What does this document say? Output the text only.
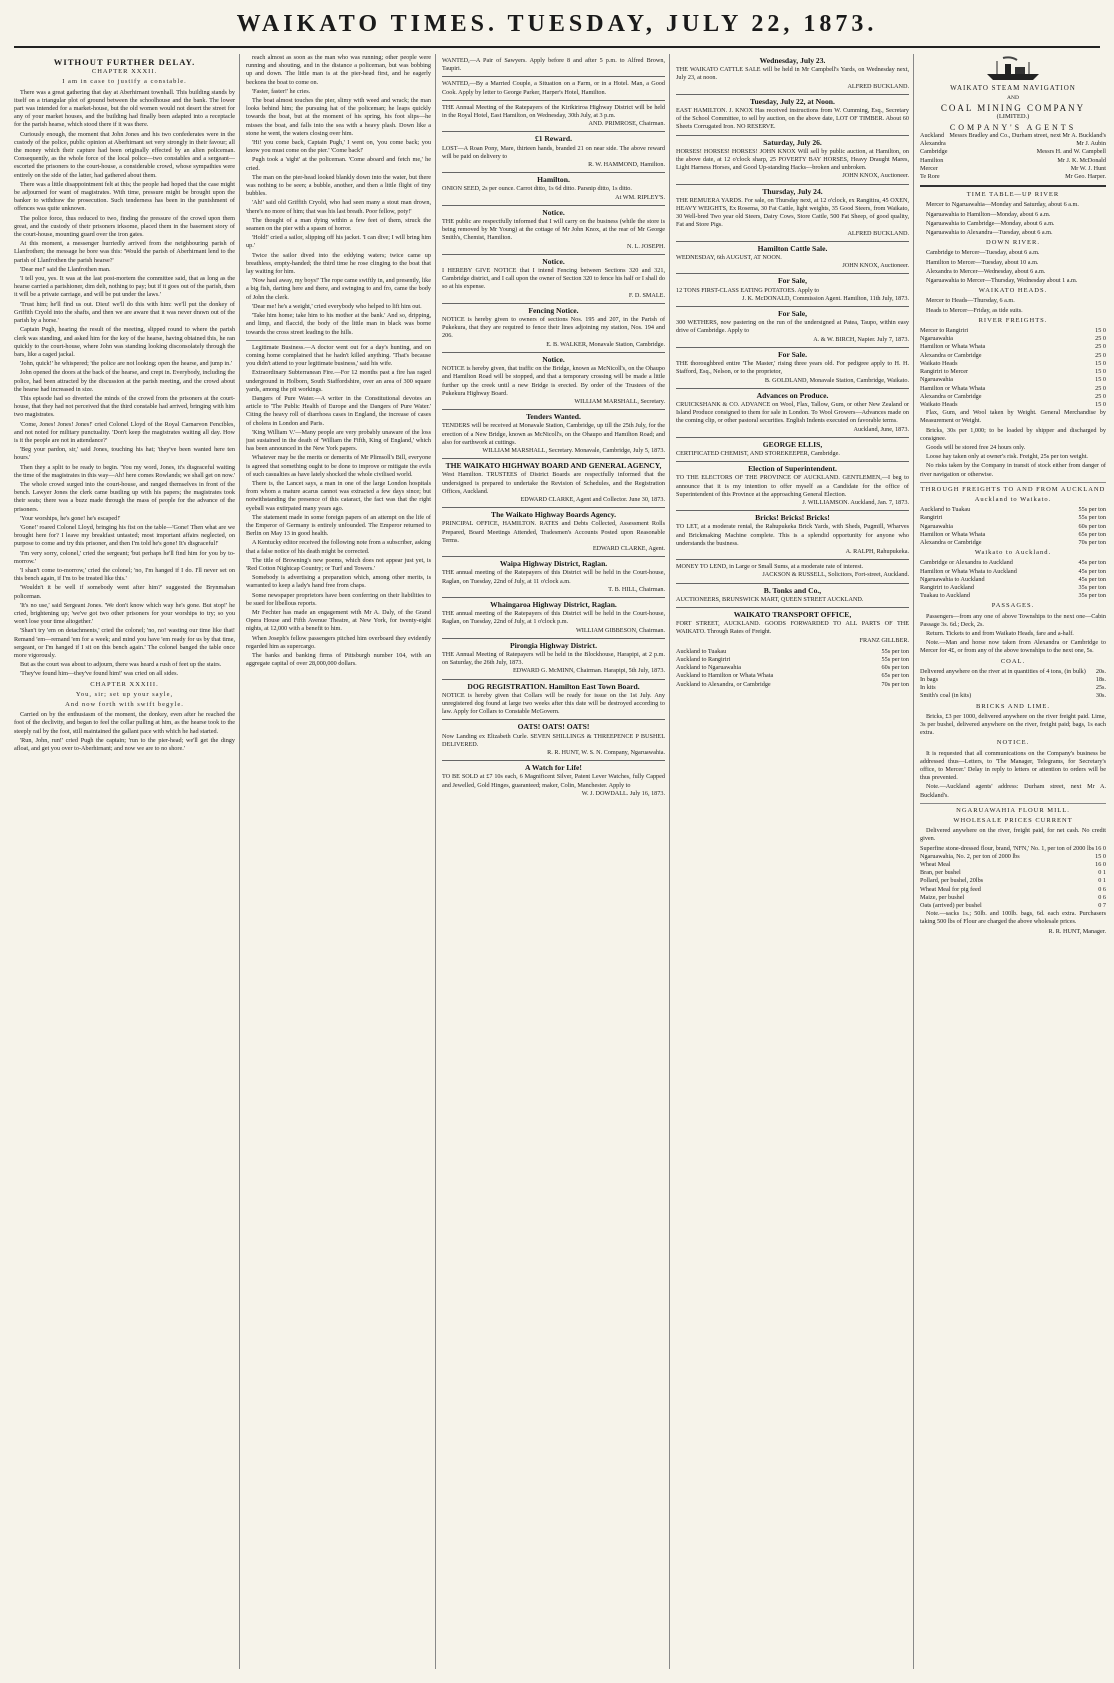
WAIKATO TIMES. TUESDAY, JULY 22, 1873.
WITHOUT FURTHER DELAY.
CHAPTER XXXII.
I am in case to justify a constable.
There was a great gathering that day at Aberhirnant townhall. This building stands by itself on a triangular plot of ground between the schoolhouse and the bank. The lower part was intended for a market-house, but the old women would not desert the street for any of your market houses, and the building had finally been adapted into a receptacle for the parish hearse, which stood there if it was there.
Curiously enough, the moment that John Jones and his two confederates were in the custody of the police, public opinion at Aberhirnant set very strongly in their favour; all the money which their capture had been originally effected by an alien policeman. Consequently, as the whole force of the local police—two constables and a sergeant—escorted the prisoners to the court-house, a considerable crowd, whose sympathies were entirely on the side of the latter, had gathered about them.
There was a little disappointment felt at this; the people had hoped that the case might be adjourned for want of magistrates. With time, pressure might be brought upon the banker to withdraw the prosecution. Such tenderness has been in the punishment of offences was quite unknown.
The police force, thus reduced to two, finding the pressure of the crowd upon them great, and the custody of their prisoners irksome, placed them in the basement story of the court-house, mounting guard over the iron gates.
At this moment, a messenger hurriedly arrived from the neighbouring parish of Llanfrothen; the message he bore was this: 'Would the parish of Aberhirnant lend to the parish of Llanfrothen the parish hearse?'
'Dear me!' said the Llanfrothen man.
'I tell you, yes. It was at the last post-mortem the committee said, that as long as the hearse carried a parishioner, dim delt, nothing to pay; but if it goes out of the parish, then it will be a private carriage, and will be put under the laws.'
'Trust him; he'll find us out. Dieu! we'll do this with him: we'll put the donkey of Griffith Cryold into the shafts, and then we are aware that it was never drawn out of the parish by a horse.'
Captain Pugh, hearing the result of the meeting, slipped round to where the parish clerk was standing, and asked him for the key of the hearse, having obtained this, he ran quickly to the court-house, where John was standing looking disconsolately through the bars, like a caged jackal.
'John, quick!' he whispered; 'the police are not looking; open the hearse, and jump in.'
John opened the doors at the back of the hearse, and crept in. Everybody, including the police, had been attracted by the discussion at the parish meeting, and the crowd about the hearse had increased in size.
This episode had so diverted the minds of the crowd from the prisoners at the court-house, that they had not perceived that the third constable had arrived, bringing with him two magistrates.
'Come, Jones! Jones! Jones!' cried Colonel Lloyd of the Royal Carnarvon Fencibles, and not noted for military punctuality. 'Don't keep the magistrates waiting all day. How is it the people are not in attendance?'
'Beg your pardon, sir,' said Jones, touching his hat; 'they've been wanted here ten hours.'
Then they a split to be ready to begin. 'You my word, Jones, it's disgraceful waiting the time of the magistrates in this way—Ah! here comes Rowlands; we shall get on now.'
The whole crowd surged into the court-house, and ranged themselves in front of the bench. Lawyer Jones the clerk came bustling up with his papers; the magistrates took their seats; there was a buzz made through the mass of people for the advance of the prisoners.
'Your worships, he's gone! he's escaped!'
'Gone!' roared Colonel Lloyd, bringing his fist on the table—'Gone! Then what are we brought here for? I leave my breakfast untasted; most important affairs neglected, on purpose to come and try this prisoner, and then I'm told he's gone! It's disgraceful!'
'I'm very sorry, colonel,' cried the sergeant; 'but perhaps he'll find him for you by to-morrow.'
'I shan't come to-morrow,' cried the colonel; 'no, I'm hanged if I do. I'll never set on this bench again, if I'm to be treated like this.'
'Wouldn't it be well if somebody went after him?' suggested the Brynmahan policeman.
'It's no use,' said Sergeant Jones. 'We don't know which way he's gone. But stop!' he cried, brightening up; 'we've got two other prisoners for your worships to try; so you won't lose your time altogether.'
'Shan't try 'em on detachments,' cried the colonel; 'no, no! wasting our time like that! Remand 'em—remand 'em for a week; and mind you have 'em ready for us by that time, sergeant, or I'm hanged if I sit on this bench again.' The colonel banged the table once more vigorously.
But as the court was about to adjourn, there was heard a rush of feet up the stairs.
'They've found him—they've found him!' was cried on all sides.
CHAPTER XXXIII.
You, sir; set up your sayle,
And now forth with swift begyle.
Carried on by the enthusiasm of the moment, the donkey, even after he reached the foot of the declivity, and began to feel the collar pulling at him, as the hearse took to the steeply rail by the foot, still maintained the gallant pace with which he had started.
'Run, John, run!' cried Pugh the captain; 'run to the pier-head; we'll get the dingy afloat, and get you over to-Aberhirnant; and now we are to no shore.'
reach almost as soon as the man who was running; other people were running and shouting, and in the distance a policeman, but was bobbing up and down. The little man is at the pier-head first, and he eagerly beckons the boat to come on.
'Faster, faster!' he cries.
The boat almost touches the pier, slimy with weed and wrack; the man looks behind him; the pursuing hat of the policeman; he leaps quickly towards the boat, but at the moment of his spring, his foot slips—he misses the boat, and falls into the sea with a heavy plash. Down like a stone he went, the waters closing over him.
'Hi! you come back, Captain Pugh,' I went on, 'you come back; you know you must come on the pier.' 'Come back!'
Pugh took a 'sight' at the policeman. 'Come aboard and fetch me,' he cried.
The man on the pier-head looked blankly down into the water, but there was nothing to be seen; a bubble, another, and then a little flight of tiny bubbles.
'Ah!' said old Griffith Cryold, who had seen many a stout man drown, 'there's no more of him; that was his last breath. Poor fellow, poty!'
The thought of a man dying within a few feet of them, struck the seamen on the pier with a spasm of horror.
'Hold!' cried a sailor, slipping off his jacket. 'I can dive; I will bring him up.'
Twice the sailor dived into the eddying waters; twice came up breathless, empty-handed; the third time he rose clinging to the boat that lay waiting for him.
'Now haul away, my boys!' The rope came swiftly in, and presently, like a big fish, darting here and there, and swinging to and fro, came the body of John the clerk.
'Dear me! he's a weight,' cried everybody who helped to lift him out.
'Take him home; take him to his mother at the bank.' And so, dripping, and limp, and flaccid, the body of the little man in black was borne towards the cross street leading to the hills.
Legitimate Business.—A doctor went out for a day's hunting, and on coming home complained that he hadn't killed anything. 'That's because you didn't attend to your legitimate business,' said his wife.
Extraordinary Subterranean Fire.—For 12 months past a fire has raged underground in Holborn, South Staffordshire, over an area of 300 square yards, among the pit workings.
Dangers of Pure Water.—A writer in the Constitutional devotes an article to 'The Public Health of Europe and the Dangers of Pure Water.' Citing the heavy roll of diarrhoea cases in England, the increase of cases of cholera in London and Paris.
'King William V.'—Many people are very probably unaware of the loss just sustained in the death of 'William the Fifth, King of England,' which has been announced in the New York papers.
Whatever may be the merits or demerits of Mr Plimsoll's Bill, everyone is agreed that something ought to be done to improve or mitigate the evils of such casualties as have lately shocked the whole civilised world.
There is, the Lancet says, a man in one of the large London hospitals from whom a mature acarus cannot was extracted a few days since; but notwithstanding the presence of this cataract, the fact was that the right eyeball was extirpated many years ago.
The statement made in some foreign papers of an attempt on the life of the Emperor of Germany is entirely unfounded. The Emperor returned to Berlin on May 13 in good health.
A Kentucky editor received the following note from a subscriber, asking that a false notice of his death might be corrected.
The title of Browning's new poems, which does not appear just yet, is 'Red Cotton Nightcap Country; or Turf and Towers.'
Somebody is advertising a preparation which, among other merits, is warranted to keep a lady's hand free from chaps.
Some newspaper proprietors have been conferring on their liabilities to be sued for libellous reports.
Mr Fechter has made an engagement with Mr A. Daly, of the Grand Opera House and Fifth Avenue Theatre, at New York, for twenty-eight nights, at 12,000 with a benefit to him.
When Joseph's fellow passengers pitched him overboard they evidently regarded him as supercargo.
The banks and banking firms of Pittsburgh number 104, with an aggregate capital of over 28,000,000 dollars.
WANTED,—A Pair of Sawyers. Apply before 8 and after 5 p.m. to Alfred Brown, Taupiri.
WANTED,—By a Married Couple, a Situation on a Farm, or in a Hotel. Man, a Good Cook. Apply by letter to George Parker, Harper's Hotel, Hamilton.
THE Annual Meeting of the Ratepayers of the Kirikiriroa Highway District will be held in the Royal Hotel, East Hamilton, on Wednesday, 30th July, at 3 p.m.
AND. PRIMROSE, Chairman.
£1 Reward.
LOST—A Roan Pony, Mare, thirteen hands, branded 21 on near side. The above reward will be paid on delivery to
R. W. HAMMOND, Hamilton.
Hamilton.
ONION SEED, 2s per ounce. Carrot ditto, 1s 6d ditto. Parsnip ditto, 1s ditto.
At WM. RIPLEY'S.
Notice.
THE public are respectfully informed that I will carry on the business (while the store is being removed by Mr Young) at the cottage of Mr John Knox, at the rear of Mr George Smith's, Chemist, Hamilton.
N. L. JOSEPH.
Notice.
I HEREBY GIVE NOTICE that I intend Fencing between Sections 320 and 321, Cambridge district, and I call upon the owner of Section 320 to fence his half or I shall do so at his expense.
F. D. SMALE.
Fencing Notice.
NOTICE is hereby given to owners of sections Nos. 195 and 207, in the Parish of Pukekura, that they are required to fence their lines adjoining my station, Nos. 194 and 206.
E. B. WALKER, Monavale Station, Cambridge.
Notice.
NOTICE is hereby given, that traffic on the Bridge, known as McNicoll's, on the Ohaupo and Hamilton Road will be stopped, and that a temporary crossing will be made a little further up the creek until a new Bridge is erected. By order of the Trustees of the Pukekura Highway Board.
WILLIAM MARSHALL, Secretary.
Tenders Wanted.
TENDERS will be received at Monavale Station, Cambridge, up till the 25th July, for the erection of a New Bridge, known as McNicoll's, on the Ohaupo and Hamilton Road; and also for earthwork at cuttings.
WILLIAM MARSHALL, Secretary. Monavale, Cambridge, July 5, 1873.
THE WAIKATO HIGHWAY BOARD AND GENERAL AGENCY,
West Hamilton. TRUSTEES of District Boards are respectfully informed that the undersigned is prepared to undertake the Revision of Schedules, and the Registration Offices, Auckland.
EDWARD CLARKE, Agent and Collector. June 30, 1873.
The Waikato Highway Boards Agency.
PRINCIPAL OFFICE, HAMILTON. RATES and Debts Collected, Assessment Rolls Prepared, Board Meetings Attended, Tradesmen's Accounts Posted upon Reasonable Terms.
EDWARD CLARKE, Agent.
Waipa Highway District, Raglan.
THE annual meeting of the Ratepayers of this District will be held in the Court-house, Raglan, on Tuesday, 22nd of July, at 11 o'clock a.m.
T. B. HILL, Chairman.
Whaingaroa Highway District, Raglan.
THE annual meeting of the Ratepayers of this District will be held in the Court-house, Raglan, on Tuesday, 22nd of July, at 1 o'clock p.m.
WILLIAM GIBBESON, Chairman.
Pirongia Highway District.
THE Annual Meeting of Ratepayers will be held in the Blockhouse, Harapipi, at 2 p.m. on Saturday, the 26th July, 1873.
EDWARD G. McMINN, Chairman. Harapipi, 5th July, 1873.
DOG REGISTRATION. Hamilton East Town Board.
NOTICE is hereby given that Collars will be ready for issue on the 1st July. Any unregistered dog found at large two weeks after this date will be destroyed according to law. Apply for Collars to Constable McGovern.
OATS! OATS! OATS!
Now Landing ex Elizabeth Curle. SEVEN SHILLINGS & THREEPENCE P BUSHEL DELIVERED.
R. R. HUNT, W. S. N. Company, Ngaruawahia.
A Watch for Life!
TO BE SOLD at £7 10s each, 6 Magnificent Silver, Patent Lever Watches, fully Capped and Jewelled, Gold Hinges, guaranteed; maker, Colin, Manchester. Apply to
W. J. DOWDALL. July 16, 1873.
Wednesday, July 23.
THE WAIKATO CATTLE SALE will be held in Mr Campbell's Yards, on Wednesday next, July 23, at noon.
ALFRED BUCKLAND.
Tuesday, July 22, at Noon.
EAST HAMILTON. J. KNOX Has received instructions from W. Cumming, Esq., Secretary of the School Committee, to sell by auction, on the above date, LOT OF TIMBER. About 60 Sheets Corrugated Iron. NO RESERVE.
Saturday, July 26.
HORSES! HORSES! HORSES! JOHN KNOX Will sell by public auction, at Hamilton, on the above date, at 12 o'clock sharp, 25 POVERTY BAY HORSES, Heavy Draught Mares, Light Harness Horses, and Good Up-standing Hacks—broken and unbroken.
JOHN KNOX, Auctioneer.
Thursday, July 24.
THE REMUERA YARDS. For sale, on Thursday next, at 12 o'clock, ex Rangitira, 45 OXEN, HEAVY WEIGHTS, Ex Rosema, 30 Fat Cattle, light weights, 35 Good Steers, from Waikato, 30 Well-bred Two year old Steers, Dairy Cows, Store Cattle, 500 Fat Sheep, of good quality, Fat and Store Pigs.
ALFRED BUCKLAND.
Hamilton Cattle Sale.
WEDNESDAY, 6th AUGUST, AT NOON.
JOHN KNOX, Auctioneer.
For Sale,
12 TONS FIRST-CLASS EATING POTATOES. Apply to
J. K. McDONALD, Commission Agent. Hamilton, 11th July, 1873.
For Sale,
300 WETHERS, now pastering on the run of the undersigned at Patea, Taupo, within easy drive of Cambridge. Apply to
A. & W. BIRCH, Napier. July 7, 1873.
For Sale.
THE thoroughbred entire 'The Master,' rising three years old. For pedigree apply to H. H. Stafford, Esq., Nelson, or to the proprietor,
B. GOLDLAND, Monavale Station, Cambridge, Waikato.
Advances on Produce.
CRUICKSHANK & CO. ADVANCE on Wool, Flax, Tallow, Gum, or other New Zealand or Island Produce consigned to them for sale in London. To Wool Growers—Advances made on the coming clip, or other pastoral securities. English Indents executed on favorable terms.
Auckland, June, 1873.
GEORGE ELLIS,
CERTIFICATED CHEMIST, AND STOREKEEPER, Cambridge.
Election of Superintendent.
TO THE ELECTORS OF THE PROVINCE OF AUCKLAND. GENTLEMEN,—I beg to announce that it is my intention to offer myself as a Candidate for the office of Superintendent of this Province at the approaching General Election.
J. WILLIAMSON. Auckland, Jan. 7, 1873.
Bricks! Bricks! Bricks!
TO LET, at a moderate rental, the Rahupukeka Brick Yards, with Sheds, Pugmill, Wharves and Brickmaking Machine complete. This is a splendid opportunity for anyone who understands the business.
A. RALPH, Rahupukeka.
MONEY TO LEND, in Large or Small Sums, at a moderate rate of interest.
JACKSON & RUSSELL, Solicitors, Fort-street, Auckland.
B. Tonks and Co.,
AUCTIONEERS, BRUNSWICK MART, QUEEN STREET AUCKLAND.
WAIKATO TRANSPORT OFFICE,
FORT STREET, AUCKLAND. GOODS FORWARDED TO ALL PARTS OF THE WAIKATO. Through Rates of Freight.
FRANZ GILLBER.
Auckland to Tuakau	55s per ton
Auckland to Rangiriri	55s per ton
Auckland to Ngaruawahia	60s per ton
Auckland to Hamilton or Whata Whata	65s per ton
Auckland to Alexandra, or Cambridge	70s per ton
WAIKATO STEAM NAVIGATION
AND
COAL MINING COMPANY
(LIMITED.)
COMPANY'S AGENTS
Auckland Messrs Bradley and Co., Durham street, next Mr A. Buckland's
Alexandra	Mr J. Aubin
Cambridge	Messrs H. and W. Campbell
Hamilton	Mr J. K. McDonald
Mercer	Mr W. J. Hunt
Te Rore	Mr Geo. Harper.
TIME TABLE—UP RIVER
Mercer to Ngaruawahia—Monday and Saturday, about 6 a.m.
Ngaruawahia to Hamilton—Monday, about 6 a.m.
Ngaruawahia to Cambridge—Monday, about 6 a.m.
Ngaruawahia to Alexandra—Tuesday, about 6 a.m.
DOWN RIVER.
Cambridge to Mercer—Tuesday, about 6 a.m.
Hamilton to Mercer—Tuesday, about 10 a.m.
Alexandra to Mercer—Wednesday, about 6 a.m.
Ngaruawahia to Mercer—Thursday, Wednesday about 1 a.m.
WAIKATO HEADS.
Mercer to Heads—Thursday, 6 a.m.
Heads to Mercer—Friday, as tide suits.
RIVER FREIGHTS.
Mercer to Rangiriri	15 0
Ngaruawahia	25 0
Hamilton or Whata Whata	25 0
Alexandra or Cambridge	25 0
Waikato Heads	15 0
Rangiriri to Mercer	15 0
Ngaruawahia	15 0
Hamilton or Whata Whata	25 0
Alexandra or Cambridge	25 0
Waikato Heads	15 0
Flax, Gum, and Wool taken by Weight. General Merchandise by Measurement or Weight.
Bricks, 30s per 1,000; to be loaded by shipper and discharged by consignee.
Goods will be stored free 24 hours only.
Loose hay taken only at owner's risk. Freight, 25s per ton weight.
No risks taken by the Company in transit of stock either from danger of river navigation or otherwise.
THROUGH FREIGHTS TO AND FROM AUCKLAND
Auckland to Waikato.
Auckland to Tuakau	55s per ton
Rangiriri	55s per ton
Ngaruawahia	60s per ton
Hamilton or Whata Whata	65s per ton
Alexandra or Cambridge	70s per ton
Waikato to Auckland.
Cambridge or Alexandra to Auckland	45s per ton
Hamilton or Whata Whata to Auckland	45s per ton
Ngaruawahia to Auckland	45s per ton
Rangiriri to Auckland	35s per ton
Tuakau to Auckland	35s per ton
PASSAGES.
Passengers—from any one of above Townships to the next one—Cabin Passage 3s. 6d.; Deck, 2s.
Return. Tickets to and from Waikato Heads, fare and a-half.
Note.—Man and horse now taken from Alexandra or Cambridge to Mercer for 4£, or from any of the above townships to the next one, 5s.
COAL.
Delivered anywhere on the river at in quantities of 4 tons, (in bulk) 20s.
In bags	18s.
In kits	25s.
Smith's coal (in kits)	30s.
BRICKS AND LIME.
Bricks, £3 per 1000, delivered anywhere on the river freight paid. Lime, 3s per bushel, delivered anywhere on the river, freight paid; bags, 1s each extra.
NOTICE.
It is requested that all communications on the Company's business be addressed thus—Letters, to 'The Manager, Telegrams, for Secretary's office, to Mercer.' Delay in reply to letters or attention to orders will be thus prevented.
Note.—Auckland agents' address: Durham street, next Mr A. Buckland's.
NGARUAWAHIA FLOUR MILL.
WHOLESALE PRICES CURRENT
Delivered anywhere on the river, freight paid, for net cash. No credit given.
Superfine stone-dressed flour, brand, 'NFN,' No. 1, per ton of 2000 lbs 16 0
Ngaruawahia, No. 2, per ton of 2000 lbs	15 0
Wheat Meal	16 0
Bran, per bushel	0 1
Pollard, per bushel, 20lbs	0 1
Wheat Meal for pig feed	0 6
Maize, per bushel	0 6
Oats (arrived) per bushel	0 7
Note.—sacks 1s.; 50lb. and 100lb. bags, 6d. each extra. Purchasers taking 500 lbs of Flour are charged the above wholesale prices.
R. R. HUNT, Manager.
